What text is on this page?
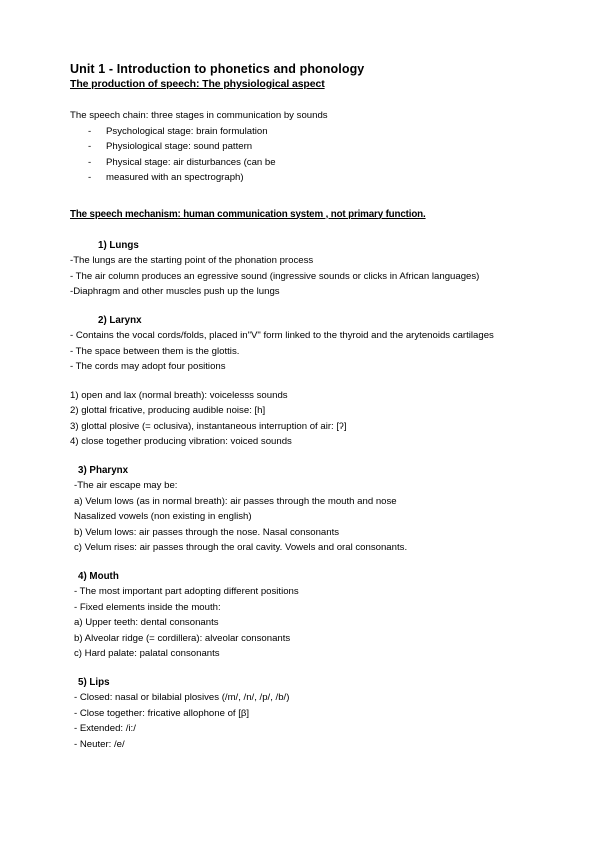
Unit 1 - Introduction to phonetics and phonology
The production of speech: The physiological aspect

The speech chain: three stages in communication by sounds

- Psychological stage: brain formulation
- Physiological stage: sound pattern
- Physical stage: air disturbances (can be
- measured with an spectrograph)
The speech mechanism: human communication system , not primary function.
1) Lungs

-The lungs are the starting point of the phonation process

- The air column produces an egressive sound (ingressive sounds or clicks in African languages)

-Diaphragm and other muscles push up the lungs

2) Larynx

- Contains the vocal cords/folds, placed in"V" form linked to the thyroid and the arytenoids cartilages

- The space between them is the glottis.

- The cords may adopt four positions

1) open and lax (normal breath): voicelesss sounds

2) glottal fricative, producing audible noise: [h]

3) glottal plosive (= oclusiva), instantaneous interruption of air: [ʔ]

4) close together producing vibration: voiced sounds

3) Pharynx

-The air escape may be:

a) Velum lows (as in normal breath): air passes through the mouth and nose

Nasalized vowels (non existing in english)

b) Velum lows: air passes through the nose. Nasal consonants

c) Velum rises: air passes through the oral cavity. Vowels and oral consonants.

4) Mouth

- The most important part adopting different positions

- Fixed elements inside the mouth:

a) Upper teeth: dental consonants

b) Alveolar ridge (= cordillera): alveolar consonants

c) Hard palate: palatal consonants

5) Lips

- Closed: nasal or bilabial plosives (/m/, /n/, /p/, /b/)

- Close together: fricative allophone of [β]

- Extended: /i:/

- Neuter: /e/
